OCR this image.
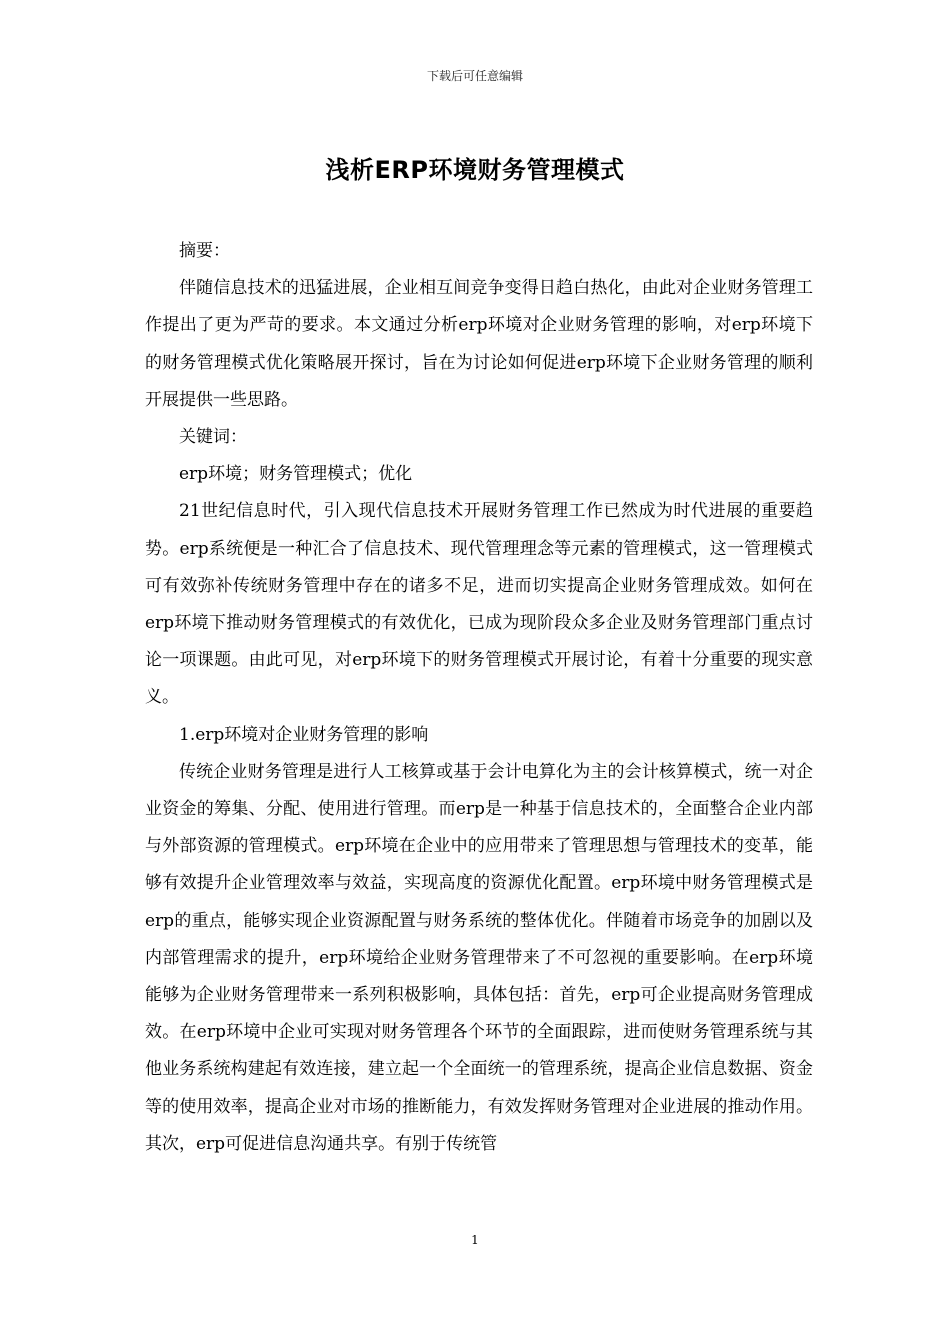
下载后可任意编辑
浅析ERP环境财务管理模式

摘要：

伴随信息技术的迅猛进展，企业相互间竞争变得日趋白热化，由此对企业财务管理工作提出了更为严苛的要求。本文通过分析erp环境对企业财务管理的影响，对erp环境下的财务管理模式优化策略展开探讨，旨在为讨论如何促进erp环境下企业财务管理的顺利开展提供一些思路。

关键词：

erp环境；财务管理模式；优化

21世纪信息时代，引入现代信息技术开展财务管理工作已然成为时代进展的重要趋势。erp系统便是一种汇合了信息技术、现代管理理念等元素的管理模式，这一管理模式可有效弥补传统财务管理中存在的诸多不足，进而切实提高企业财务管理成效。如何在erp环境下推动财务管理模式的有效优化，已成为现阶段众多企业及财务管理部门重点讨论一项课题。由此可见，对erp环境下的财务管理模式开展讨论，有着十分重要的现实意义。

1.erp环境对企业财务管理的影响

传统企业财务管理是进行人工核算或基于会计电算化为主的会计核算模式，统一对企业资金的筹集、分配、使用进行管理。而erp是一种基于信息技术的，全面整合企业内部与外部资源的管理模式。erp环境在企业中的应用带来了管理思想与管理技术的变革，能够有效提升企业管理效率与效益，实现高度的资源优化配置。erp环境中财务管理模式是erp的重点，能够实现企业资源配置与财务系统的整体优化。伴随着市场竞争的加剧以及内部管理需求的提升，erp环境给企业财务管理带来了不可忽视的重要影响。在erp环境能够为企业财务管理带来一系列积极影响，具体包括：首先，erp可企业提高财务管理成效。在erp环境中企业可实现对财务管理各个环节的全面跟踪，进而使财务管理系统与其他业务系统构建起有效连接，建立起一个全面统一的管理系统，提高企业信息数据、资金等的使用效率，提高企业对市场的推断能力，有效发挥财务管理对企业进展的推动作用。其次，erp可促进信息沟通共享。有别于传统管

1
